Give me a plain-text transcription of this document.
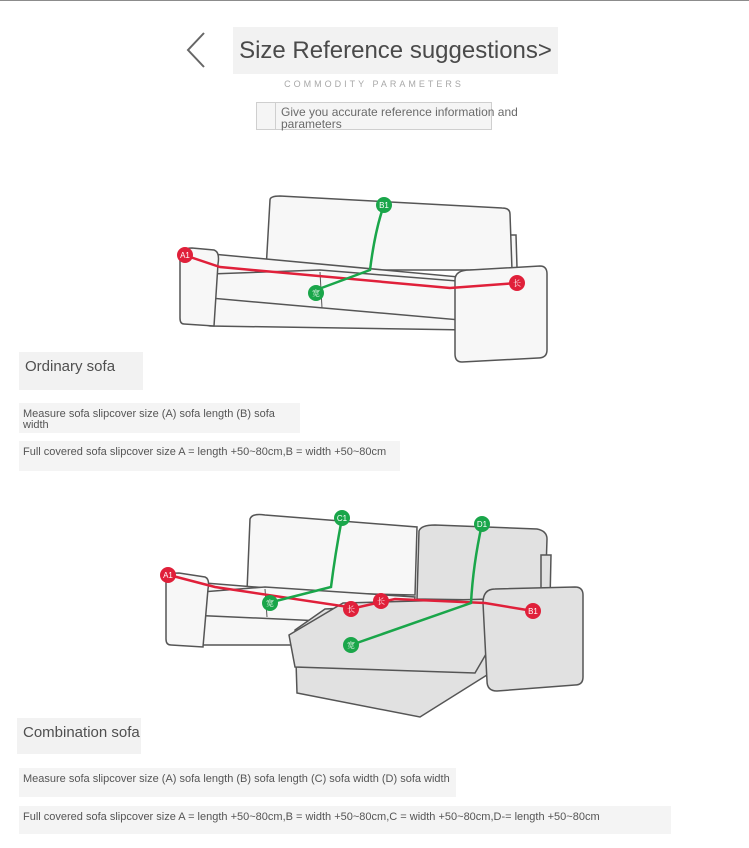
Size Reference suggestions>
COMMODITY PARAMETERS
Give you accurate reference information and parameters
A1
B1
宽
长
Ordinary sofa
Measure sofa slipcover size (A) sofa length (B) sofa width
Full covered sofa slipcover size A = length +50~80cm,B = width +50~80cm
A1
C1
D1
宽
长
长
宽
B1
Combination sofa
Measure sofa slipcover size (A) sofa length (B) sofa length (C) sofa width (D) sofa width
Full covered sofa slipcover size A = length +50~80cm,B = width +50~80cm,C = width +50~80cm,D-= length +50~80cm
